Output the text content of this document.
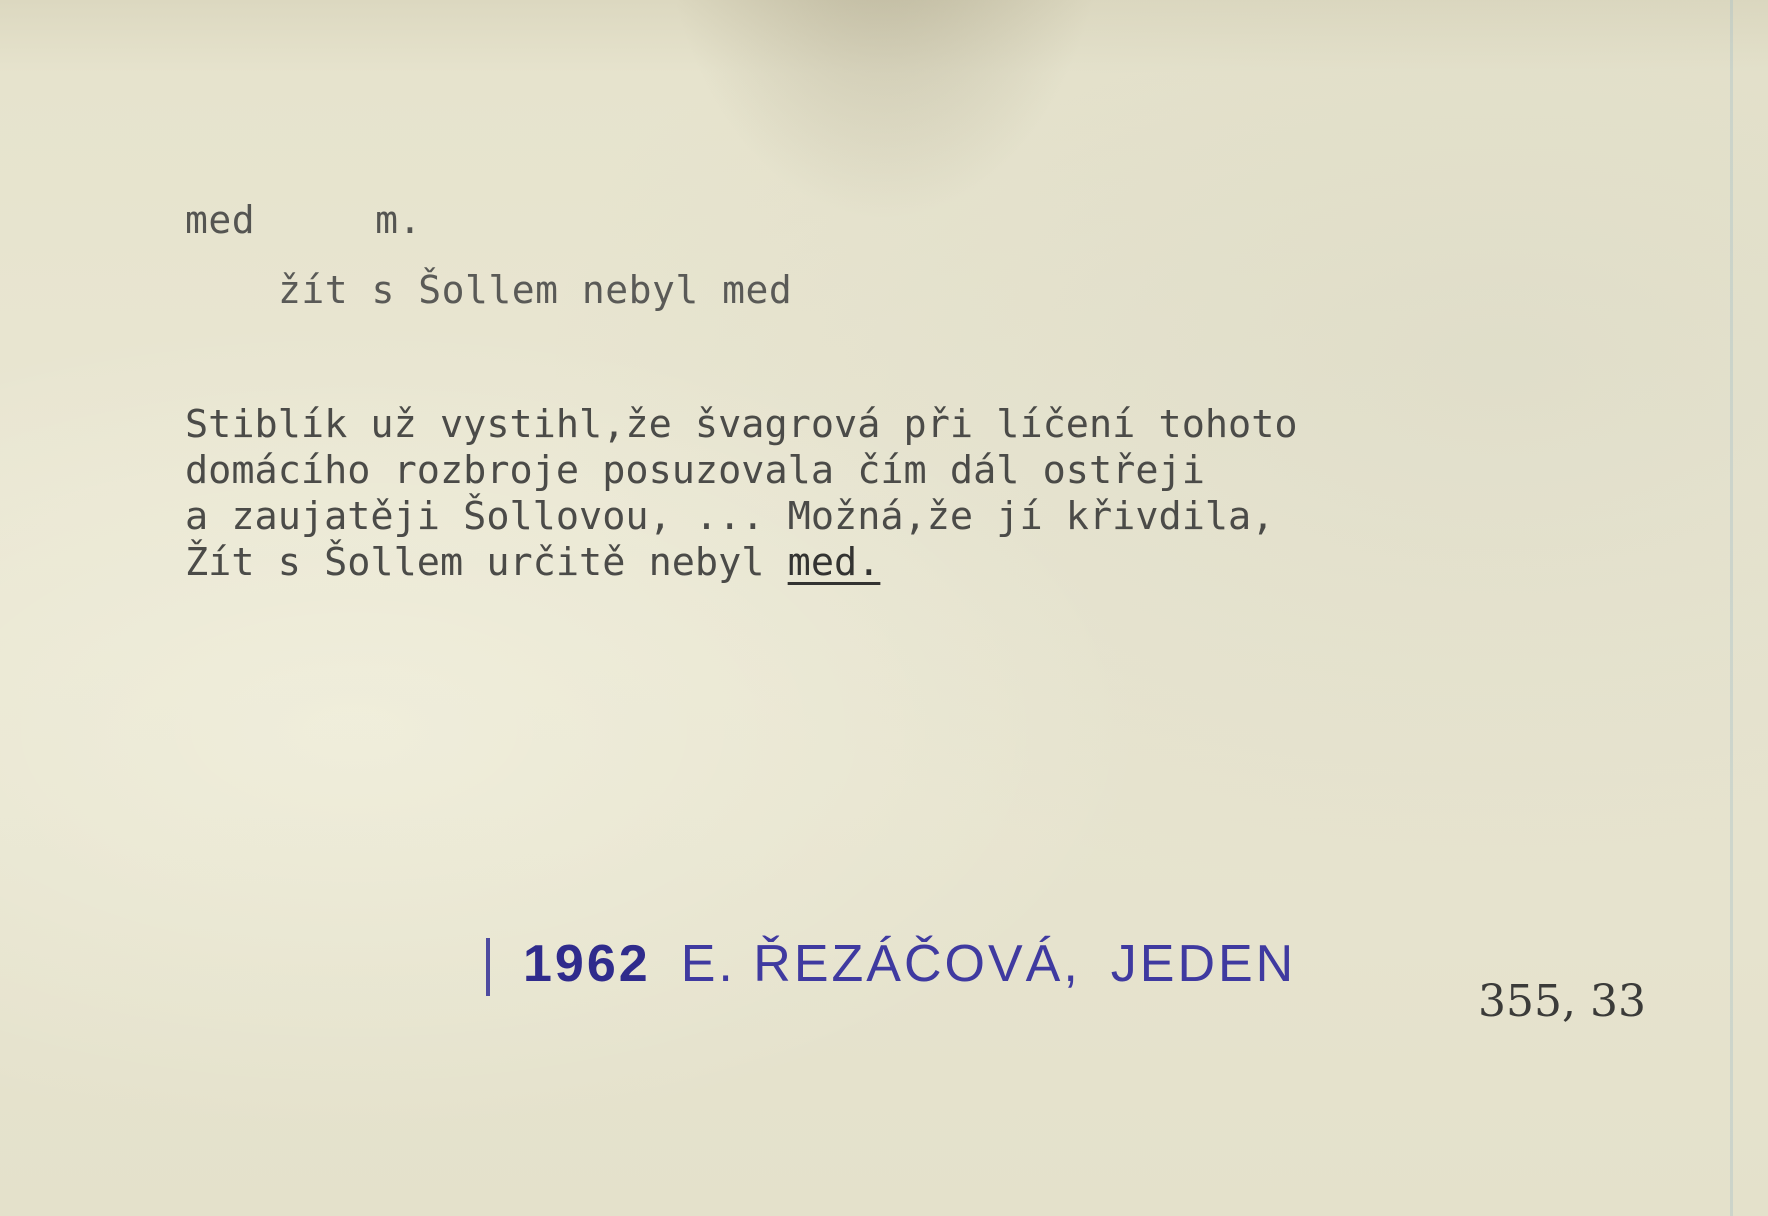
med	m.

žít s Šollem nebyl med

Stiblík už vystihl,že švagrová při líčení tohoto
domácího rozbroje posuzovala čím dál ostřeji
a zaujatěji Šollovou, ... Možná,že jí křivdila,
Žít s Šollem určitě nebyl med.

1962 E. ŘEZÁČOVÁ, JEDEN

355, 33
